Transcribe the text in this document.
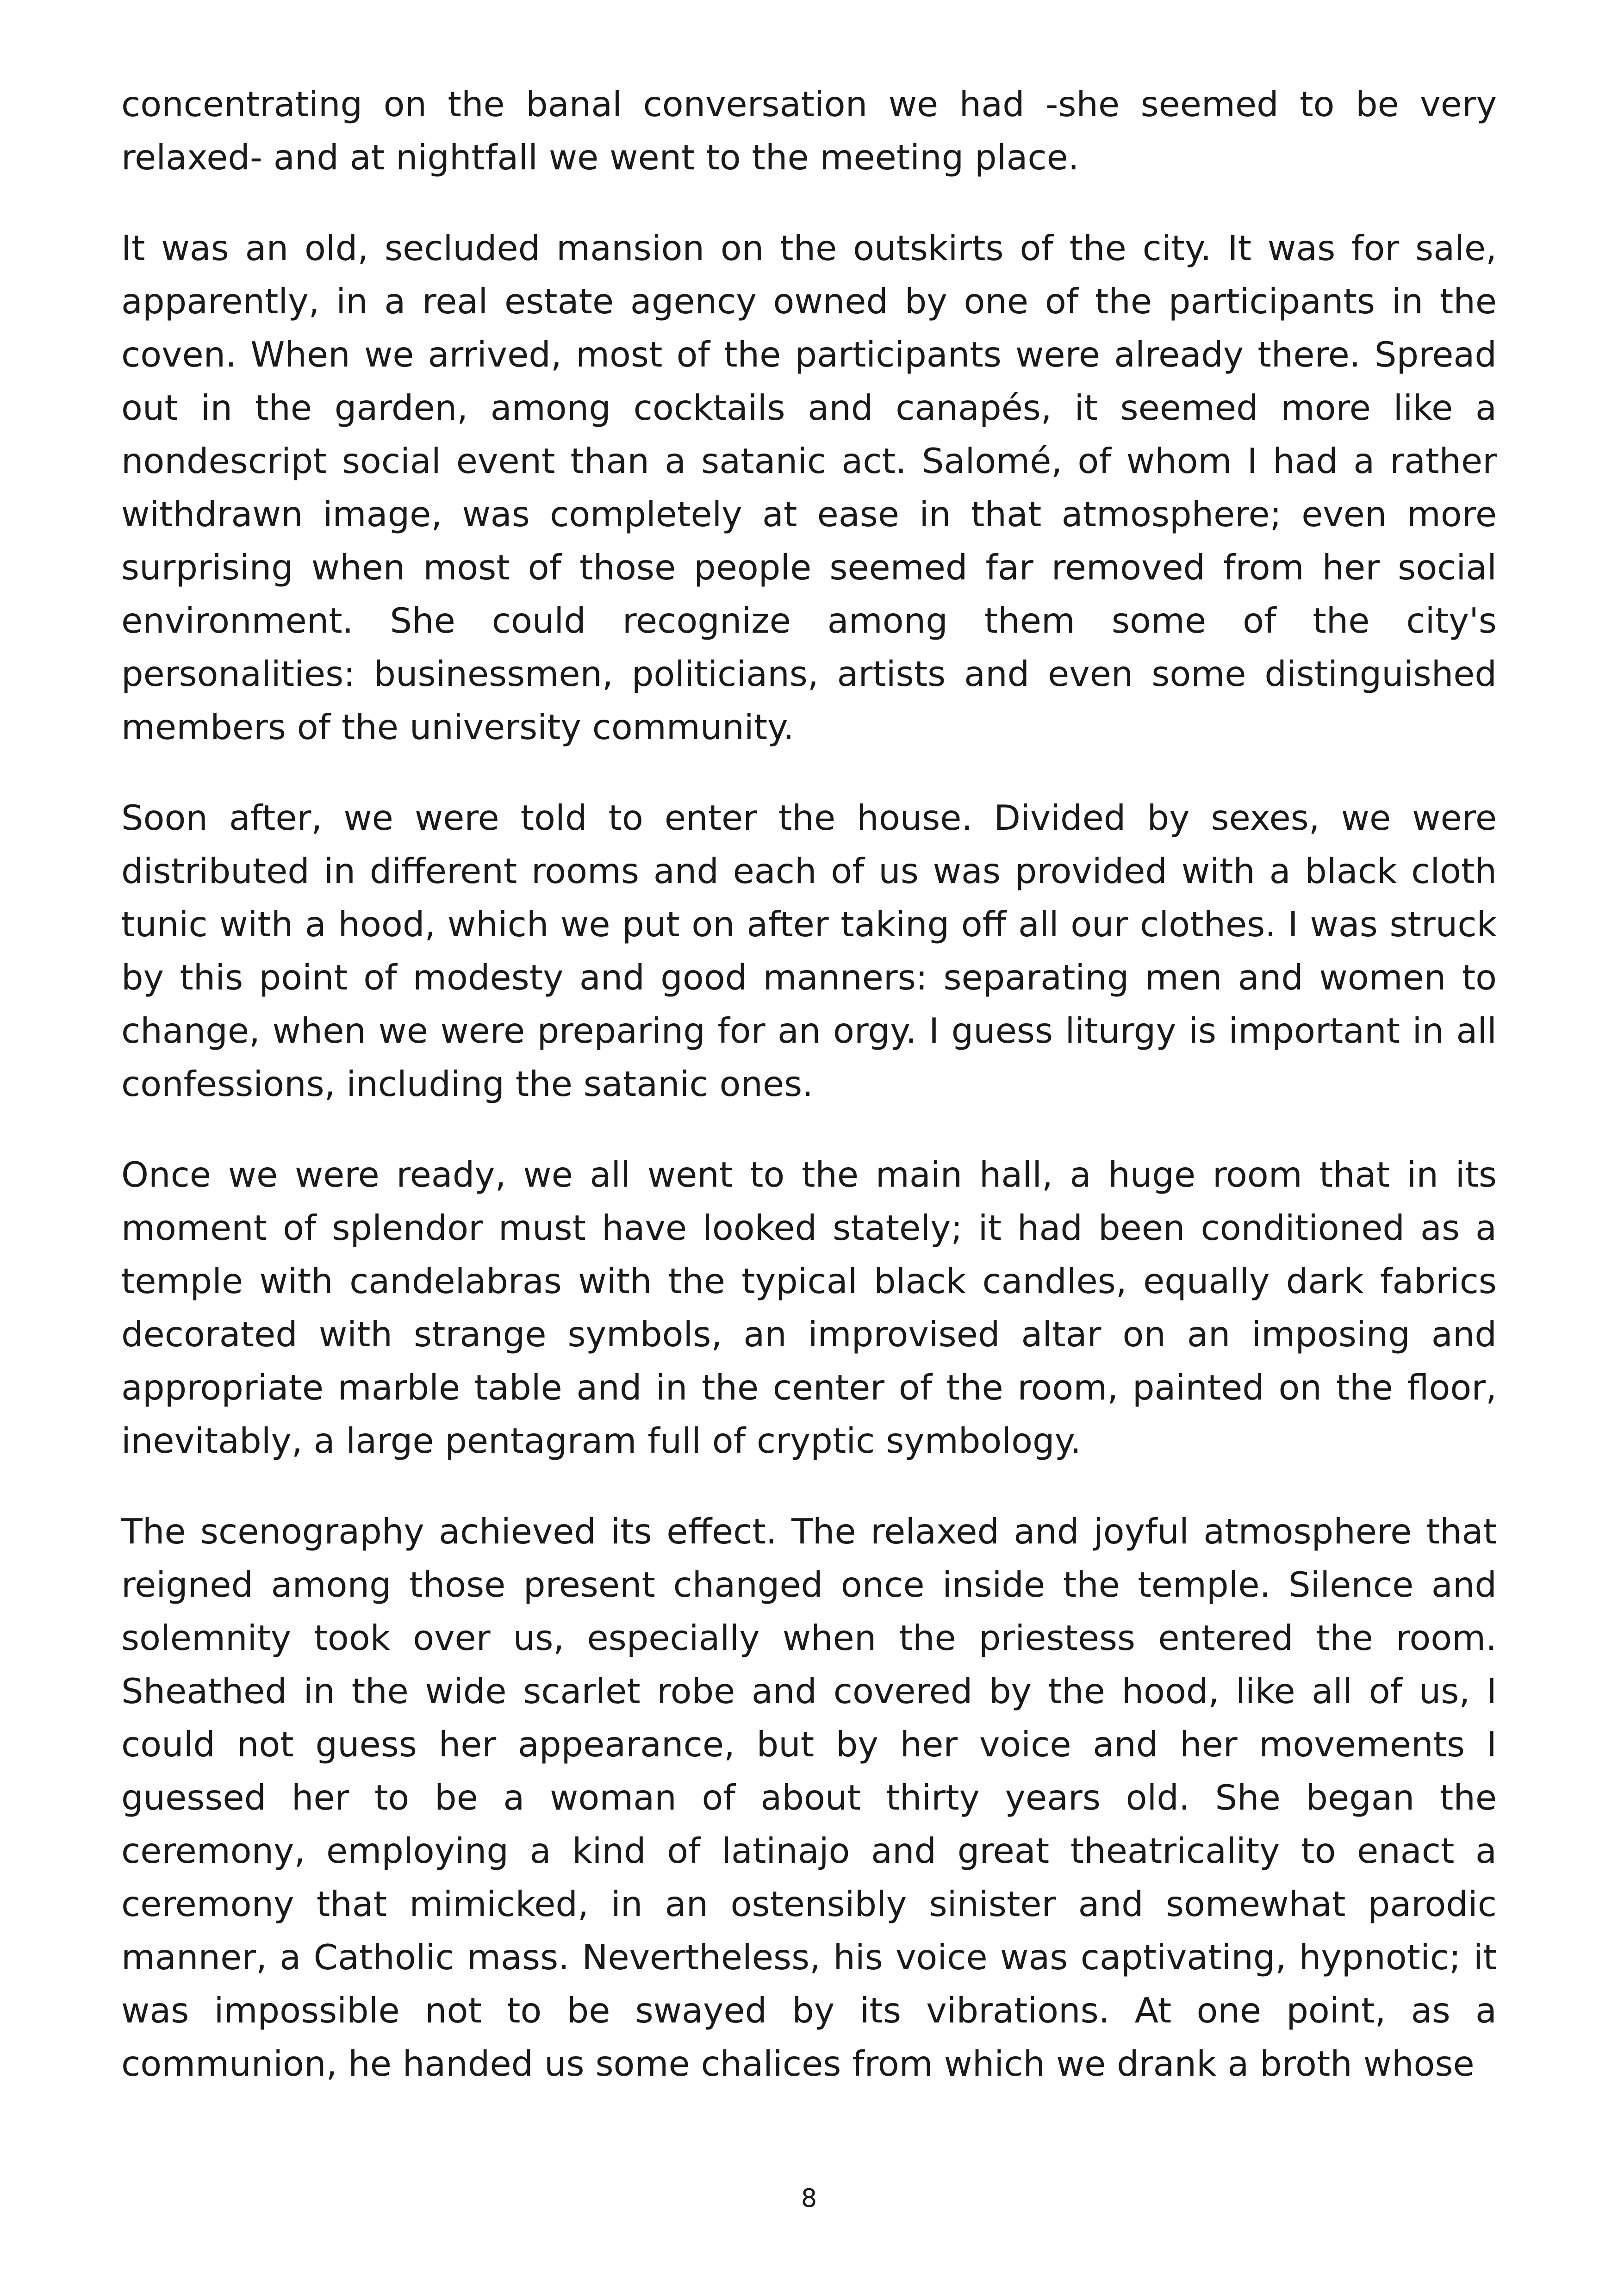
concentrating on the banal conversation we had -she seemed to be very relaxed- and at nightfall we went to the meeting place.

It was an old, secluded mansion on the outskirts of the city. It was for sale, apparently, in a real estate agency owned by one of the participants in the coven. When we arrived, most of the participants were already there. Spread out in the garden, among cocktails and canapés, it seemed more like a nondescript social event than a satanic act. Salomé, of whom I had a rather withdrawn image, was completely at ease in that atmosphere; even more surprising when most of those people seemed far removed from her social environment. She could recognize among them some of the city's personalities: businessmen, politicians, artists and even some distinguished members of the university community.

Soon after, we were told to enter the house. Divided by sexes, we were distributed in different rooms and each of us was provided with a black cloth tunic with a hood, which we put on after taking off all our clothes. I was struck by this point of modesty and good manners: separating men and women to change, when we were preparing for an orgy. I guess liturgy is important in all confessions, including the satanic ones.

Once we were ready, we all went to the main hall, a huge room that in its moment of splendor must have looked stately; it had been conditioned as a temple with candelabras with the typical black candles, equally dark fabrics decorated with strange symbols, an improvised altar on an imposing and appropriate marble table and in the center of the room, painted on the floor, inevitably, a large pentagram full of cryptic symbology.

The scenography achieved its effect. The relaxed and joyful atmosphere that reigned among those present changed once inside the temple. Silence and solemnity took over us, especially when the priestess entered the room. Sheathed in the wide scarlet robe and covered by the hood, like all of us, I could not guess her appearance, but by her voice and her movements I guessed her to be a woman of about thirty years old. She began the ceremony, employing a kind of latinajo and great theatricality to enact a ceremony that mimicked, in an ostensibly sinister and somewhat parodic manner, a Catholic mass. Nevertheless, his voice was captivating, hypnotic; it was impossible not to be swayed by its vibrations. At one point, as a communion, he handed us some chalices from which we drank a broth whose

8
